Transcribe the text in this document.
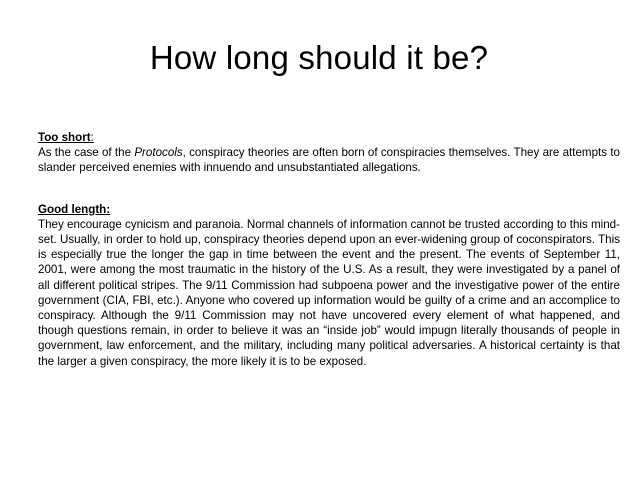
How long should it be?
Too short:

As the case of the Protocols, conspiracy theories are often born of conspiracies themselves. They are attempts to slander perceived enemies with innuendo and unsubstantiated allegations.

Good length:

They encourage cynicism and paranoia. Normal channels of information cannot be trusted according to this mind-set. Usually, in order to hold up, conspiracy theories depend upon an ever-widening group of coconspirators. This is especially true the longer the gap in time between the event and the present. The events of September 11, 2001, were among the most traumatic in the history of the U.S. As a result, they were investigated by a panel of all different political stripes. The 9/11 Commission had subpoena power and the investigative power of the entire government (CIA, FBI, etc.). Anyone who covered up information would be guilty of a crime and an accomplice to conspiracy. Although the 9/11 Commission may not have uncovered every element of what happened, and though questions remain, in order to believe it was an “inside job” would impugn literally thousands of people in government, law enforcement, and the military, including many political adversaries. A historical certainty is that the larger a given conspiracy, the more likely it is to be exposed.
